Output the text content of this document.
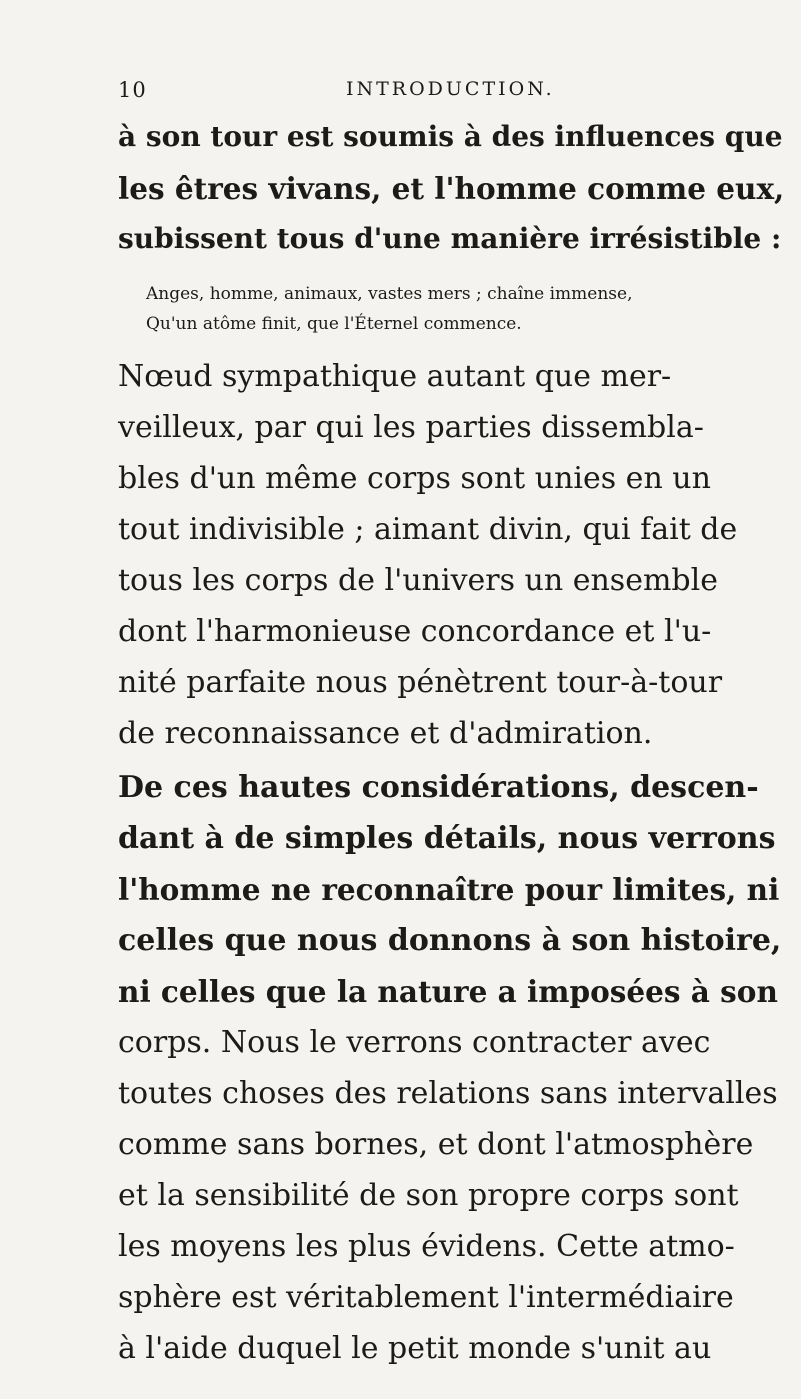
10	INTRODUCTION.
à son tour est soumis à des influences que
les êtres vivans, et l'homme comme eux,
subissent tous d'une manière irrésistible :
Anges, homme, animaux, vastes mers ; chaîne immense,
Qu'un atôme finit, que l'Éternel commence.
Nœud sympathique autant que mer-
veilleux, par qui les parties dissembla-
bles d'un même corps sont unies en un
tout indivisible ; aimant divin, qui fait de
tous les corps de l'univers un ensemble
dont l'harmonieuse concordance et l'u-
nité parfaite nous pénètrent tour-à-tour
de reconnaissance et d'admiration.
De ces hautes considérations, descen-
dant à de simples détails, nous verrons
l'homme ne reconnaître pour limites, ni
celles que nous donnons à son histoire,
ni celles que la nature a imposées à son
corps. Nous le verrons contracter avec
toutes choses des relations sans intervalles
comme sans bornes, et dont l'atmosphère
et la sensibilité de son propre corps sont
les moyens les plus évidens. Cette atmo-
sphère est véritablement l'intermédiaire
à l'aide duquel le petit monde s'unit au
